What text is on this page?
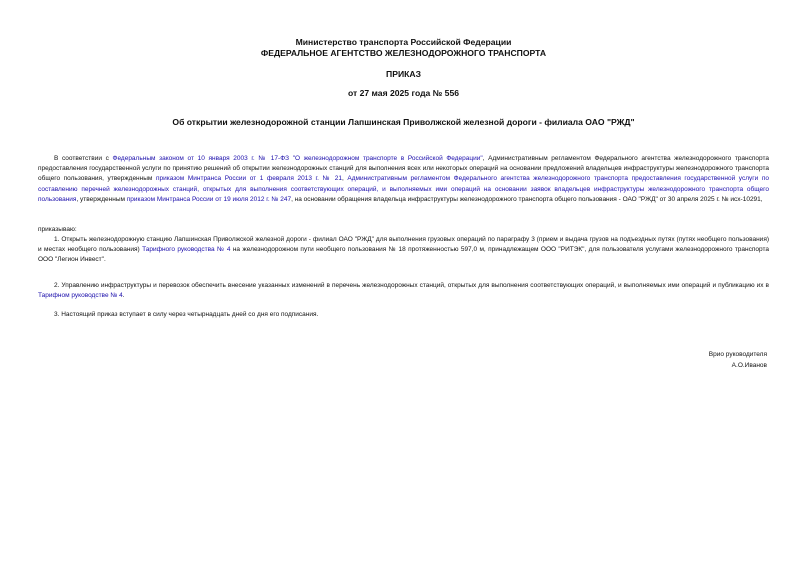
Министерство транспорта Российской Федерации
ФЕДЕРАЛЬНОЕ АГЕНТСТВО ЖЕЛЕЗНОДОРОЖНОГО ТРАНСПОРТА
ПРИКАЗ
от 27 мая 2025 года № 556
Об открытии железнодорожной станции Лапшинская Приволжской железной дороги - филиала ОАО "РЖД"
В соответствии с Федеральным законом от 10 января 2003 г. № 17-ФЗ "О железнодорожном транспорте в Российской Федерации", Административным регламентом Федерального агентства железнодорожного транспорта предоставления государственной услуги по принятию решений об открытии железнодорожных станций для выполнения всех или некоторых операций на основании предложений владельцев инфраструктуры железнодорожного транспорта общего пользования, утвержденным приказом Минтранса России от 1 февраля 2013 г. № 21, Административным регламентом Федерального агентства железнодорожного транспорта предоставления государственной услуги по составлению перечней железнодорожных станций, открытых для выполнения соответствующих операций, и выполняемых ими операций на основании заявок владельцев инфраструктуры железнодорожного транспорта общего пользования, утвержденным приказом Минтранса России от 19 июля 2012 г. № 247, на основании обращения владельца инфраструктуры железнодорожного транспорта общего пользования - ОАО "РЖД" от 30 апреля 2025 г. № исх-10291,
приказываю:
1. Открыть железнодорожную станцию Лапшинская Приволжской железной дороги - филиал ОАО "РЖД" для выполнения грузовых операций по параграфу 3 (прием и выдача грузов на подъездных путях (путях необщего пользования) и местах необщего пользования) Тарифного руководства № 4 на железнодорожном пути необщего пользования № 18 протяженностью 597,0 м, принадлежащем ООО "РИТЭК", для пользователя услугами железнодорожного транспорта ООО "Легион Инвест".
2. Управлению инфраструктуры и перевозок обеспечить внесение указанных изменений в перечень железнодорожных станций, открытых для выполнения соответствующих операций, и выполняемых ими операций и публикацию их в Тарифном руководстве № 4.
3. Настоящий приказ вступает в силу через четырнадцать дней со дня его подписания.
Врио руководителя
А.О.Иванов
